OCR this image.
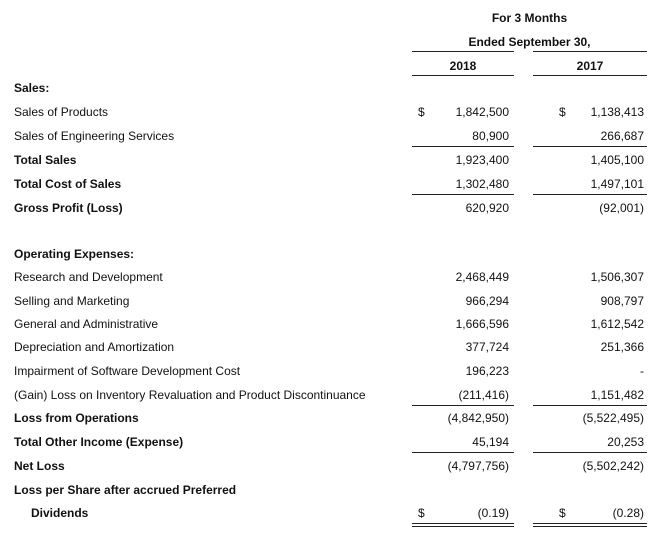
For 3 Months
Ended September 30,
2018	2017
Sales:
Sales of Products	$	1,842,500	$ 1,138,413
Sales of Engineering Services	80,900	266,687
Total Sales	1,923,400	1,405,100
Total Cost of Sales	1,302,480	1,497,101
Gross Profit (Loss)	620,920	(92,001)
Operating Expenses:
Research and Development	2,468,449	1,506,307
Selling and Marketing	966,294	908,797
General and Administrative	1,666,596	1,612,542
Depreciation and Amortization	377,724	251,366
Impairment of Software Development Cost	196,223	-
(Gain) Loss on Inventory Revaluation and Product Discontinuance	(211,416)	1,151,482
Loss from Operations	(4,842,950)	(5,522,495)
Total Other Income (Expense)	45,194	20,253
Net Loss	(4,797,756)	(5,502,242)
Loss per Share after accrued Preferred
Dividends	$	(0.19)	$	(0.28)
